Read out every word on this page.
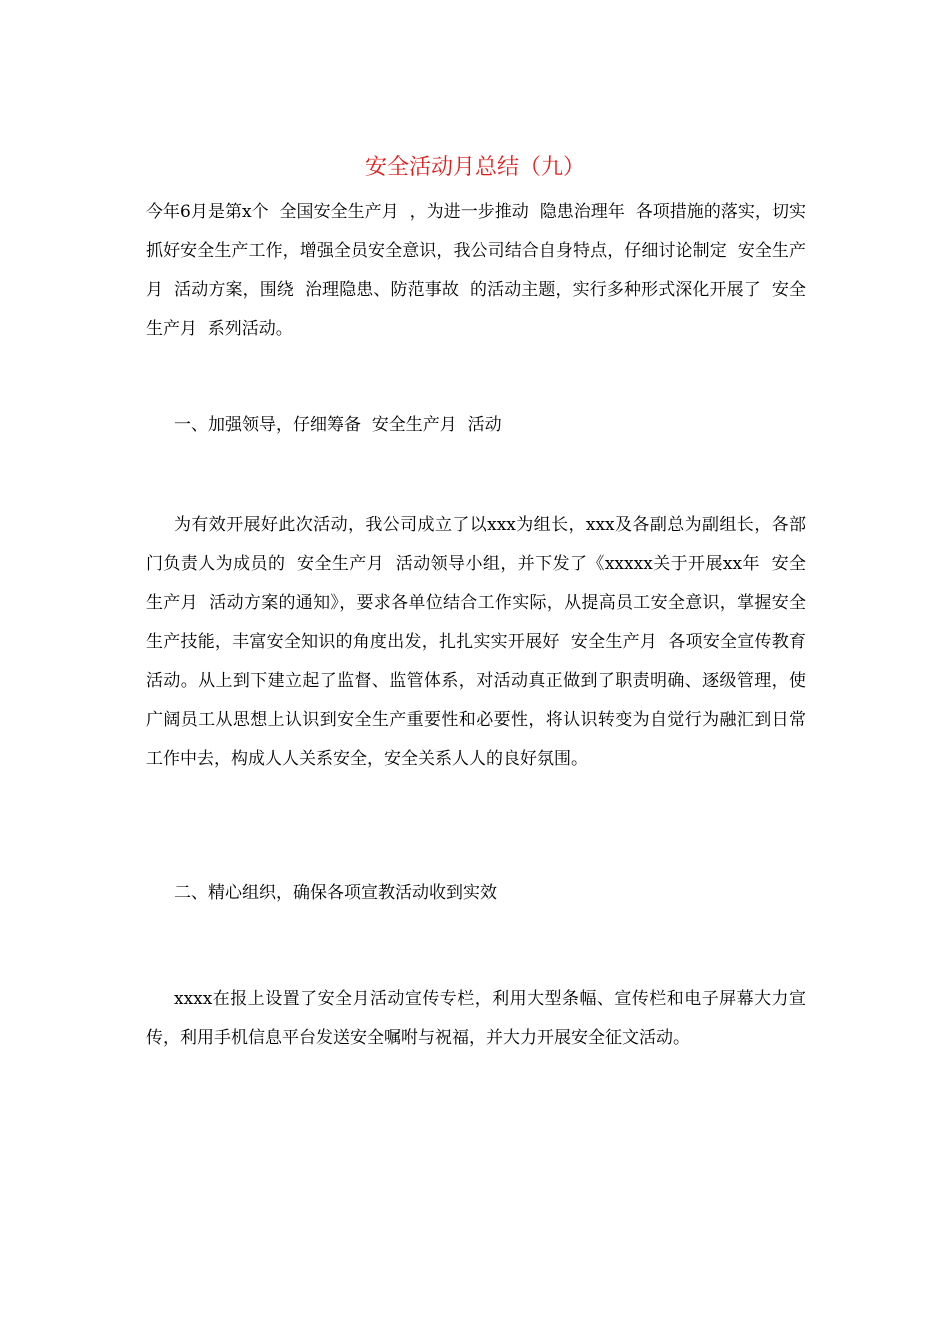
安全活动月总结（九）

今年6月是第x个  全国安全生产月  ，为进一步推动  隐患治理年  各项措施的落实，切实抓好安全生产工作，增强全员安全意识，我公司结合自身特点，仔细讨论制定  安全生产月  活动方案，围绕  治理隐患、防范事故  的活动主题，实行多种形式深化开展了  安全生产月  系列活动。

一、加强领导，仔细筹备  安全生产月  活动

为有效开展好此次活动，我公司成立了以xxx为组长，xxx及各副总为副组长，各部门负责人为成员的  安全生产月  活动领导小组，并下发了《xxxxx关于开展xx年  安全生产月  活动方案的通知》，要求各单位结合工作实际，从提高员工安全意识，掌握安全生产技能，丰富安全知识的角度出发，扎扎实实开展好  安全生产月  各项安全宣传教育活动。从上到下建立起了监督、监管体系，对活动真正做到了职责明确、逐级管理，使广阔员工从思想上认识到安全生产重要性和必要性，将认识转变为自觉行为融汇到日常工作中去，构成人人关系安全，安全关系人人的良好氛围。

二、精心组织，确保各项宣教活动收到实效

xxxx在报上设置了安全月活动宣传专栏，利用大型条幅、宣传栏和电子屏幕大力宣传，利用手机信息平台发送安全嘱咐与祝福，并大力开展安全征文活动。
